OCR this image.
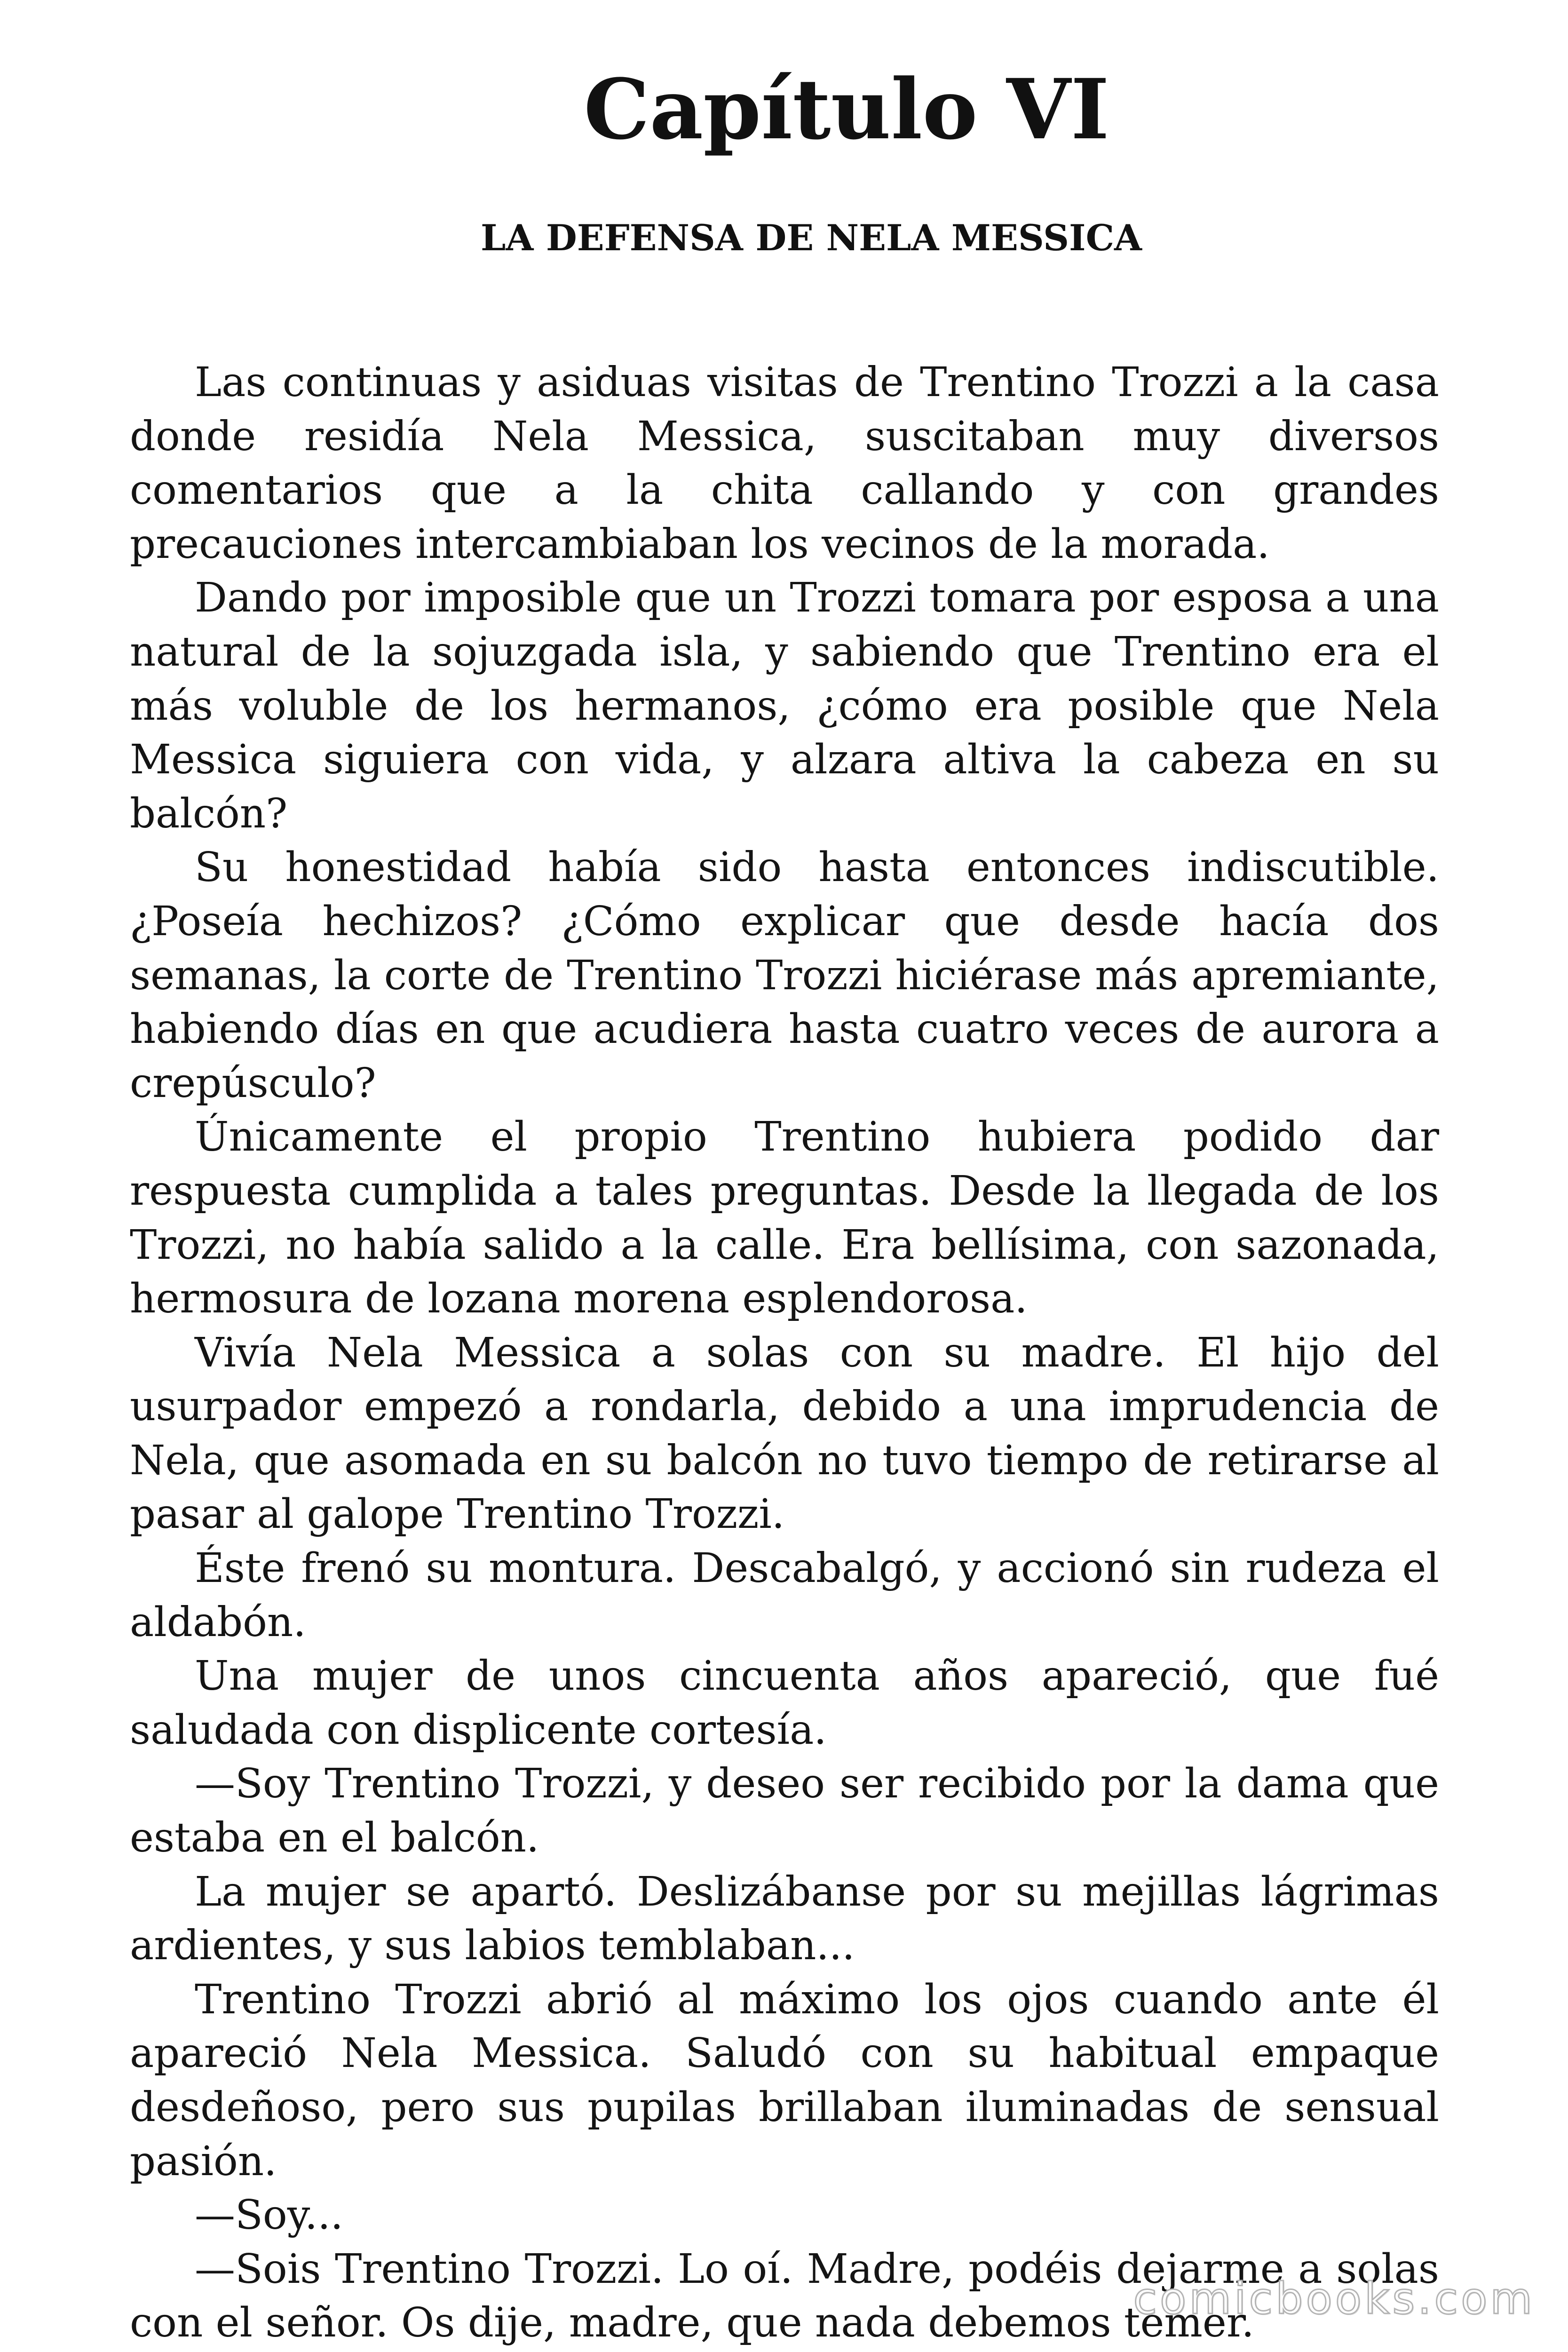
Capítulo VI
LA DEFENSA DE NELA MESSICA

Las continuas y asiduas visitas de Trentino Trozzi a la casa donde residía Nela Messica, suscitaban muy diversos comentarios que a la chita callando y con grandes precauciones intercambiaban los vecinos de la morada.

Dando por imposible que un Trozzi tomara por esposa a una natural de la sojuzgada isla, y sabiendo que Trentino era el más voluble de los hermanos, ¿cómo era posible que Nela Messica siguiera con vida, y alzara altiva la cabeza en su balcón?

Su honestidad había sido hasta entonces indiscutible. ¿Poseía hechizos? ¿Cómo explicar que desde hacía dos semanas, la corte de Trentino Trozzi hiciérase más apremiante, habiendo días en que acudiera hasta cuatro veces de aurora a crepúsculo?

Únicamente el propio Trentino hubiera podido dar respuesta cumplida a tales preguntas. Desde la llegada de los Trozzi, no había salido a la calle. Era bellísima, con sazonada, hermosura de lozana morena esplendorosa.

Vivía Nela Messica a solas con su madre. El hijo del usurpador empezó a rondarla, debido a una imprudencia de Nela, que asomada en su balcón no tuvo tiempo de retirarse al pasar al galope Trentino Trozzi.

Éste frenó su montura. Descabalgó, y accionó sin rudeza el aldabón.

Una mujer de unos cincuenta años apareció, que fué saludada con displicente cortesía.

—Soy Trentino Trozzi, y deseo ser recibido por la dama que estaba en el balcón.

La mujer se apartó. Deslizábanse por su mejillas lágrimas ardientes, y sus labios temblaban...

Trentino Trozzi abrió al máximo los ojos cuando ante él apareció Nela Messica. Saludó con su habitual empaque desdeñoso, pero sus pupilas brillaban iluminadas de sensual pasión.

—Soy...

—Sois Trentino Trozzi. Lo oí. Madre, podéis dejarme a solas con el señor. Os dije, madre, que nada debemos temer.

comicbooks.com
